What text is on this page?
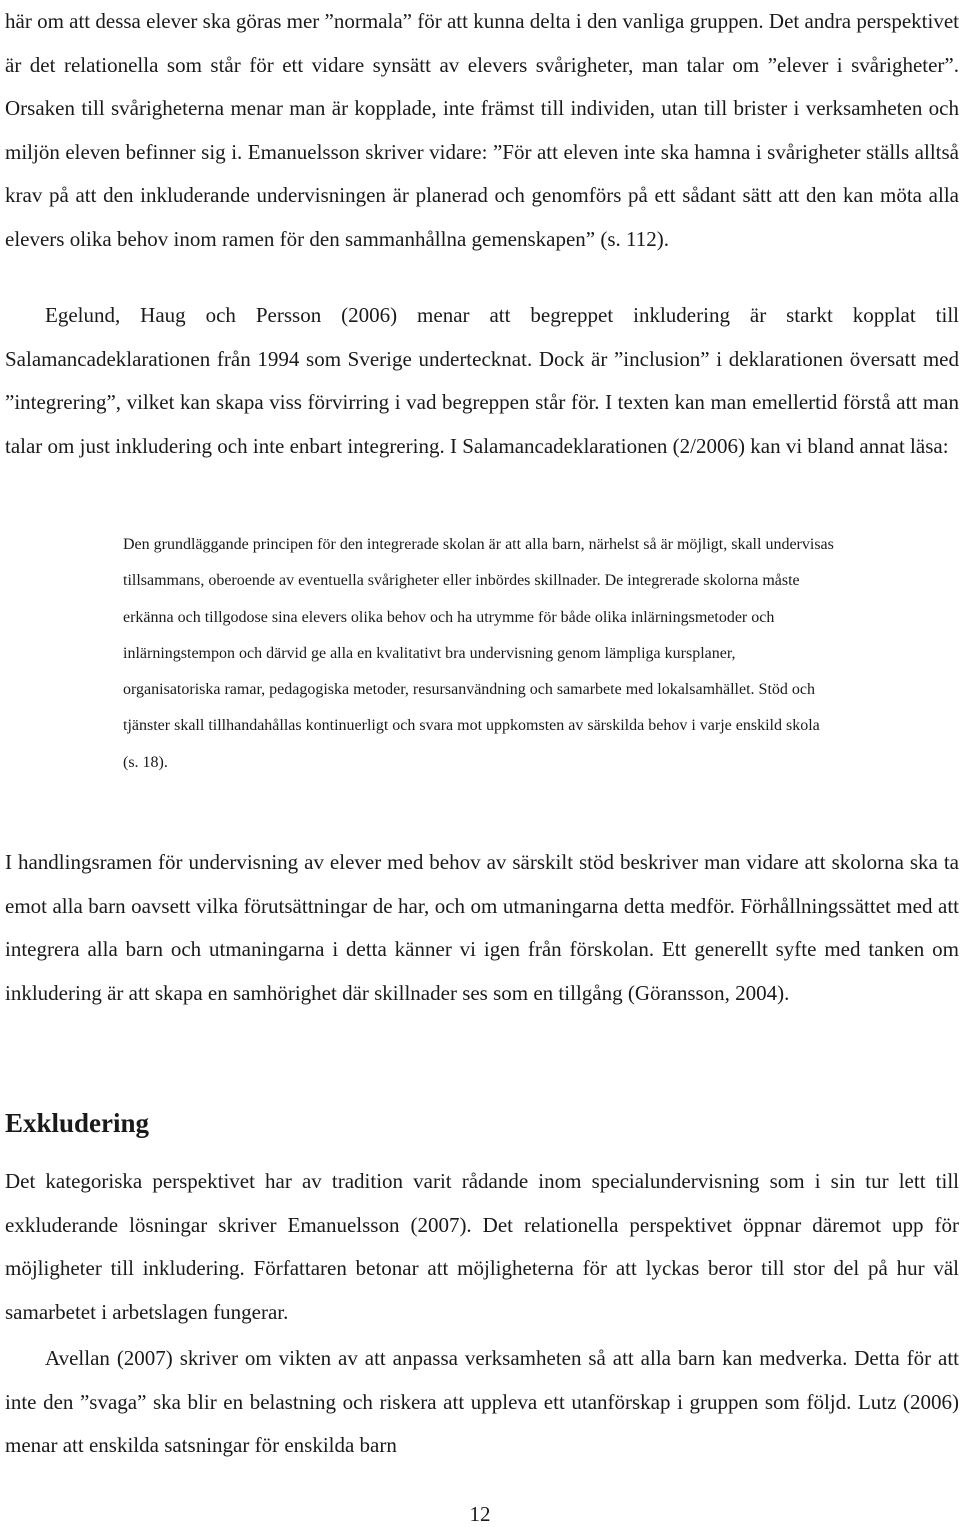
här om att dessa elever ska göras mer ”normala” för att kunna delta i den vanliga gruppen. Det andra perspektivet är det relationella som står för ett vidare synsätt av elevers svårigheter, man talar om ”elever i svårigheter”. Orsaken till svårigheterna menar man är kopplade, inte främst till individen, utan till brister i verksamheten och miljön eleven befinner sig i. Emanuelsson skriver vidare: ”För att eleven inte ska hamna i svårigheter ställs alltså krav på att den inkluderande undervisningen är planerad och genomförs på ett sådant sätt att den kan möta alla elevers olika behov inom ramen för den sammanhållna gemenskapen” (s. 112).

Egelund, Haug och Persson (2006) menar att begreppet inkludering är starkt kopplat till Salamancadeklarationen från 1994 som Sverige undertecknat. Dock är ”inclusion” i deklarationen översatt med ”integrering”, vilket kan skapa viss förvirring i vad begreppen står för. I texten kan man emellertid förstå att man talar om just inkludering och inte enbart integrering. I Salamancadeklarationen (2/2006) kan vi bland annat läsa:

Den grundläggande principen för den integrerade skolan är att alla barn, närhelst så är möjligt, skall undervisas tillsammans, oberoende av eventuella svårigheter eller inbördes skillnader. De integrerade skolorna måste erkänna och tillgodose sina elevers olika behov och ha utrymme för både olika inlärningsmetoder och inlärningstempon och därvid ge alla en kvalitativt bra undervisning genom lämpliga kursplaner, organisatoriska ramar, pedagogiska metoder, resursanvändning och samarbete med lokalsamhället. Stöd och tjänster skall tillhandahållas kontinuerligt och svara mot uppkomsten av särskilda behov i varje enskild skola (s. 18).

I handlingsramen för undervisning av elever med behov av särskilt stöd beskriver man vidare att skolorna ska ta emot alla barn oavsett vilka förutsättningar de har, och om utmaningarna detta medför. Förhållningssättet med att integrera alla barn och utmaningarna i detta känner vi igen från förskolan. Ett generellt syfte med tanken om inkludering är att skapa en samhörighet där skillnader ses som en tillgång (Göransson, 2004).

Exkludering

Det kategoriska perspektivet har av tradition varit rådande inom specialundervisning som i sin tur lett till exkluderande lösningar skriver Emanuelsson (2007). Det relationella perspektivet öppnar däremot upp för möjligheter till inkludering. Författaren betonar att möjligheterna för att lyckas beror till stor del på hur väl samarbetet i arbetslagen fungerar.

Avellan (2007) skriver om vikten av att anpassa verksamheten så att alla barn kan medverka. Detta för att inte den ”svaga” ska blir en belastning och riskera att uppleva ett utanförskap i gruppen som följd. Lutz (2006) menar att enskilda satsningar för enskilda barn

12
